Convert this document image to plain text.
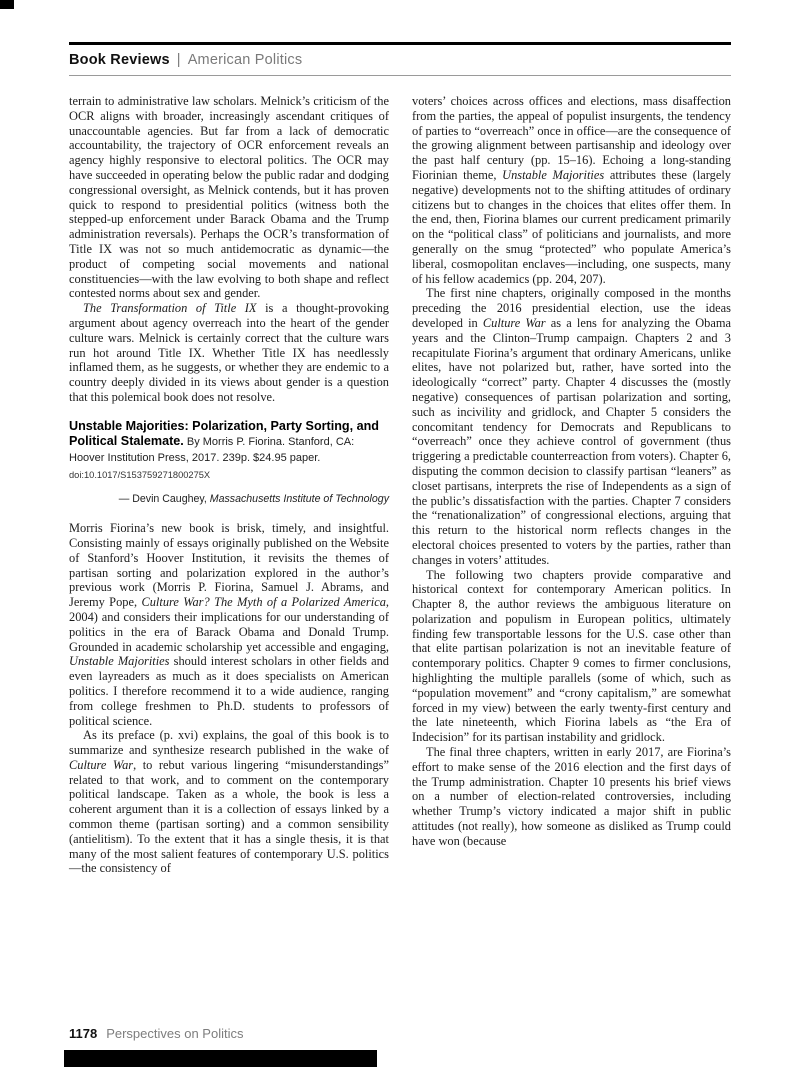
Book Reviews | American Politics

terrain to administrative law scholars. Melnick’s criticism of the OCR aligns with broader, increasingly ascendant critiques of unaccountable agencies. But far from a lack of democratic accountability, the trajectory of OCR enforcement reveals an agency highly responsive to electoral politics. The OCR may have succeeded in operating below the public radar and dodging congressional oversight, as Melnick contends, but it has proven quick to respond to presidential politics (witness both the stepped-up enforcement under Barack Obama and the Trump administration reversals). Perhaps the OCR’s transformation of Title IX was not so much antidemocratic as dynamic—the product of competing social movements and national constituencies—with the law evolving to both shape and reflect contested norms about sex and gender.

The Transformation of Title IX is a thought-provoking argument about agency overreach into the heart of the gender culture wars. Melnick is certainly correct that the culture wars run hot around Title IX. Whether Title IX has needlessly inflamed them, as he suggests, or whether they are endemic to a country deeply divided in its views about gender is a question that this polemical book does not resolve.

Unstable Majorities: Polarization, Party Sorting, and Political Stalemate. By Morris P. Fiorina. Stanford, CA: Hoover Institution Press, 2017. 239p. $24.95 paper.

doi:10.1017/S153759271800275X

— Devin Caughey, Massachusetts Institute of Technology

Morris Fiorina’s new book is brisk, timely, and insightful. Consisting mainly of essays originally published on the Website of Stanford’s Hoover Institution, it revisits the themes of partisan sorting and polarization explored in the author’s previous work (Morris P. Fiorina, Samuel J. Abrams, and Jeremy Pope, Culture War? The Myth of a Polarized America, 2004) and considers their implications for our understanding of politics in the era of Barack Obama and Donald Trump. Grounded in academic scholarship yet accessible and engaging, Unstable Majorities should interest scholars in other fields and even layreaders as much as it does specialists on American politics. I therefore recommend it to a wide audience, ranging from college freshmen to Ph.D. students to professors of political science.

As its preface (p. xvi) explains, the goal of this book is to summarize and synthesize research published in the wake of Culture War, to rebut various lingering “misunderstandings” related to that work, and to comment on the contemporary political landscape. Taken as a whole, the book is less a coherent argument than it is a collection of essays linked by a common theme (partisan sorting) and a common sensibility (antielitism). To the extent that it has a single thesis, it is that many of the most salient features of contemporary U.S. politics—the consistency of

voters’ choices across offices and elections, mass disaffection from the parties, the appeal of populist insurgents, the tendency of parties to “overreach” once in office—are the consequence of the growing alignment between partisanship and ideology over the past half century (pp. 15–16). Echoing a long-standing Fiorinian theme, Unstable Majorities attributes these (largely negative) developments not to the shifting attitudes of ordinary citizens but to changes in the choices that elites offer them. In the end, then, Fiorina blames our current predicament primarily on the “political class” of politicians and journalists, and more generally on the smug “protected” who populate America’s liberal, cosmopolitan enclaves—including, one suspects, many of his fellow academics (pp. 204, 207).

The first nine chapters, originally composed in the months preceding the 2016 presidential election, use the ideas developed in Culture War as a lens for analyzing the Obama years and the Clinton–Trump campaign. Chapters 2 and 3 recapitulate Fiorina’s argument that ordinary Americans, unlike elites, have not polarized but, rather, have sorted into the ideologically “correct” party. Chapter 4 discusses the (mostly negative) consequences of partisan polarization and sorting, such as incivility and gridlock, and Chapter 5 considers the concomitant tendency for Democrats and Republicans to “overreach” once they achieve control of government (thus triggering a predictable counterreaction from voters). Chapter 6, disputing the common decision to classify partisan “leaners” as closet partisans, interprets the rise of Independents as a sign of the public’s dissatisfaction with the parties. Chapter 7 considers the “renationalization” of congressional elections, arguing that this return to the historical norm reflects changes in the electoral choices presented to voters by the parties, rather than changes in voters’ attitudes.

The following two chapters provide comparative and historical context for contemporary American politics. In Chapter 8, the author reviews the ambiguous literature on polarization and populism in European politics, ultimately finding few transportable lessons for the U.S. case other than that elite partisan polarization is not an inevitable feature of contemporary politics. Chapter 9 comes to firmer conclusions, highlighting the multiple parallels (some of which, such as “population movement” and “crony capitalism,” are somewhat forced in my view) between the early twenty-first century and the late nineteenth, which Fiorina labels as “the Era of Indecision” for its partisan instability and gridlock.

The final three chapters, written in early 2017, are Fiorina’s effort to make sense of the 2016 election and the first days of the Trump administration. Chapter 10 presents his brief views on a number of election-related controversies, including whether Trump’s victory indicated a major shift in public attitudes (not really), how someone as disliked as Trump could have won (because

1178 Perspectives on Politics
